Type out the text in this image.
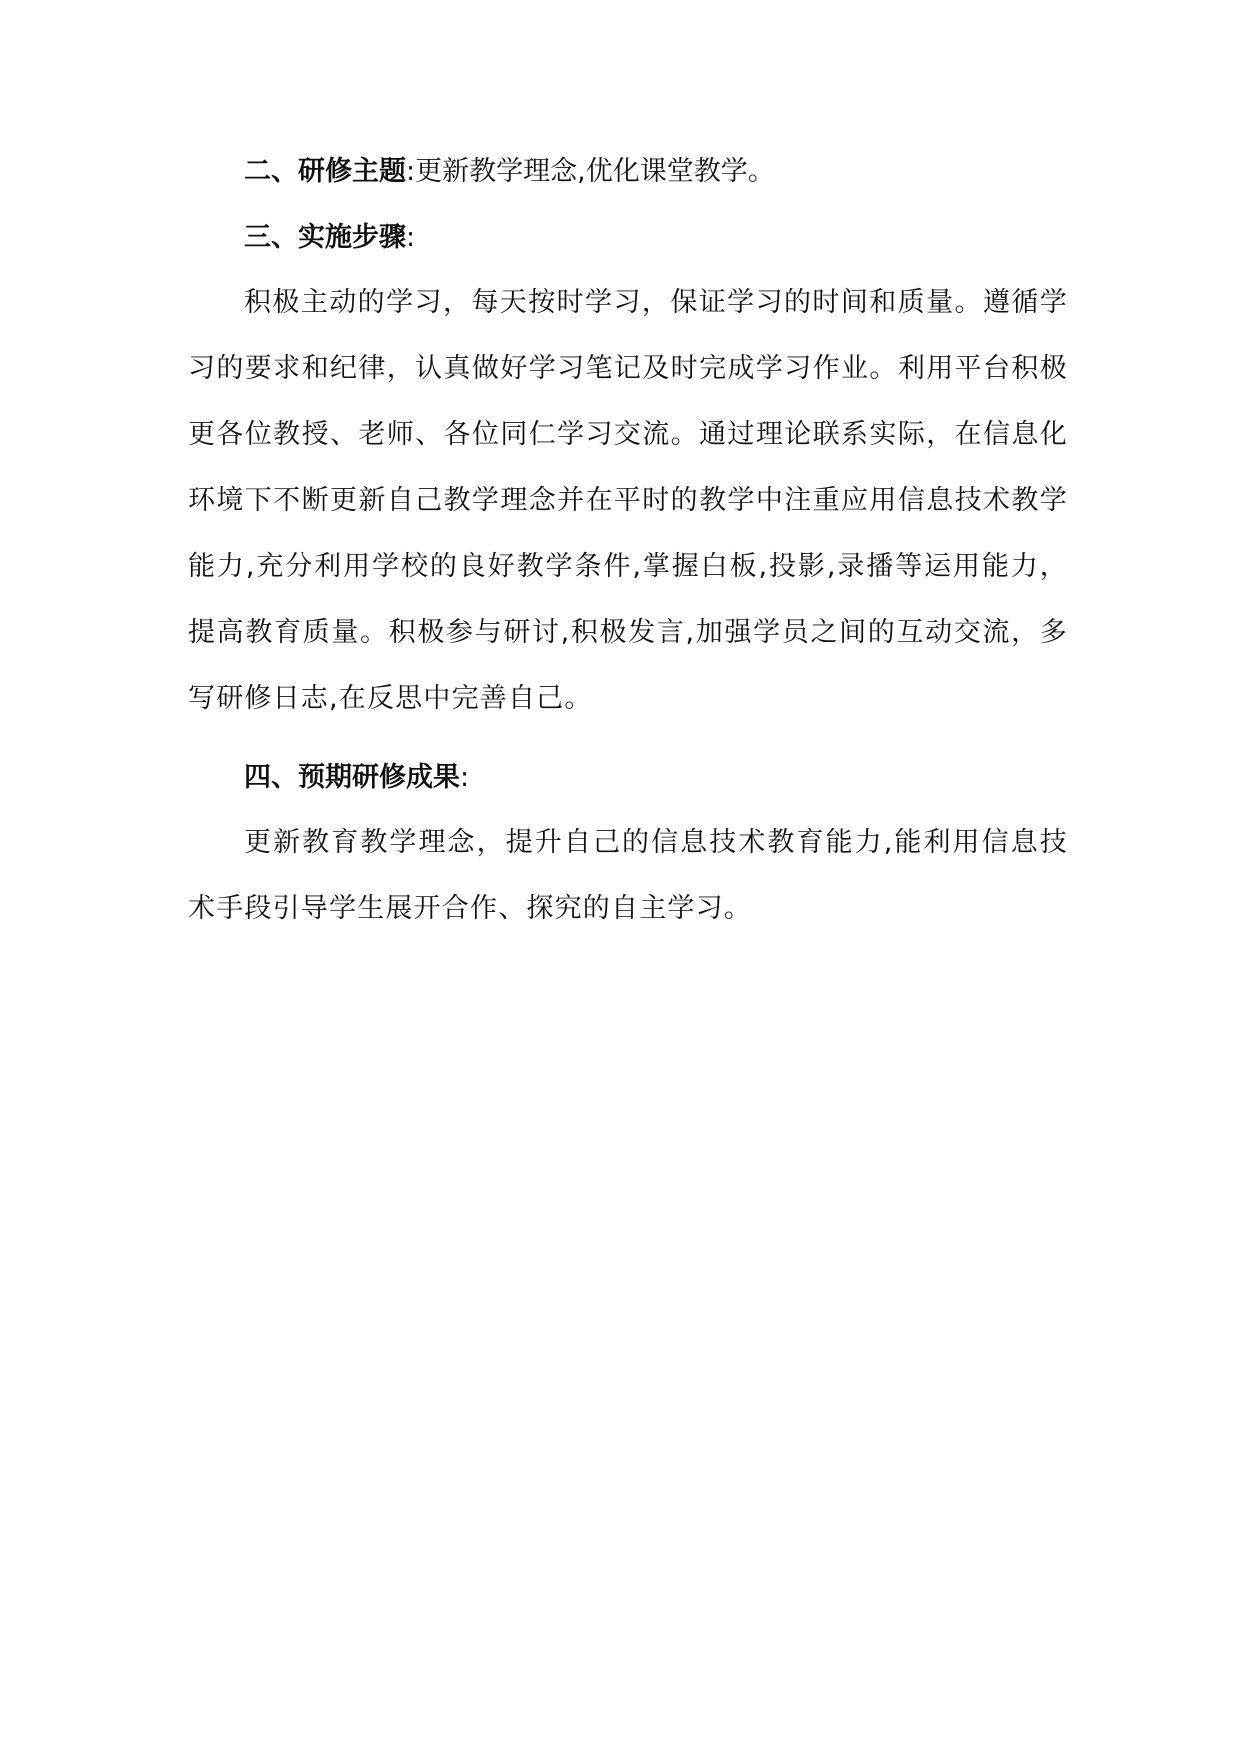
二、研修主题:更新教学理念,优化课堂教学。

三、实施步骤:

积极主动的学习，每天按时学习，保证学习的时间和质量。遵循学习的要求和纪律，认真做好学习笔记及时完成学习作业。利用平台积极更各位教授、老师、各位同仁学习交流。通过理论联系实际，在信息化环境下不断更新自己教学理念并在平时的教学中注重应用信息技术教学能力,充分利用学校的良好教学条件,掌握白板,投影,录播等运用能力，提高教育质量。积极参与研讨,积极发言,加强学员之间的互动交流，多写研修日志,在反思中完善自己。

四、预期研修成果:

更新教育教学理念，提升自己的信息技术教育能力,能利用信息技术手段引导学生展开合作、探究的自主学习。
